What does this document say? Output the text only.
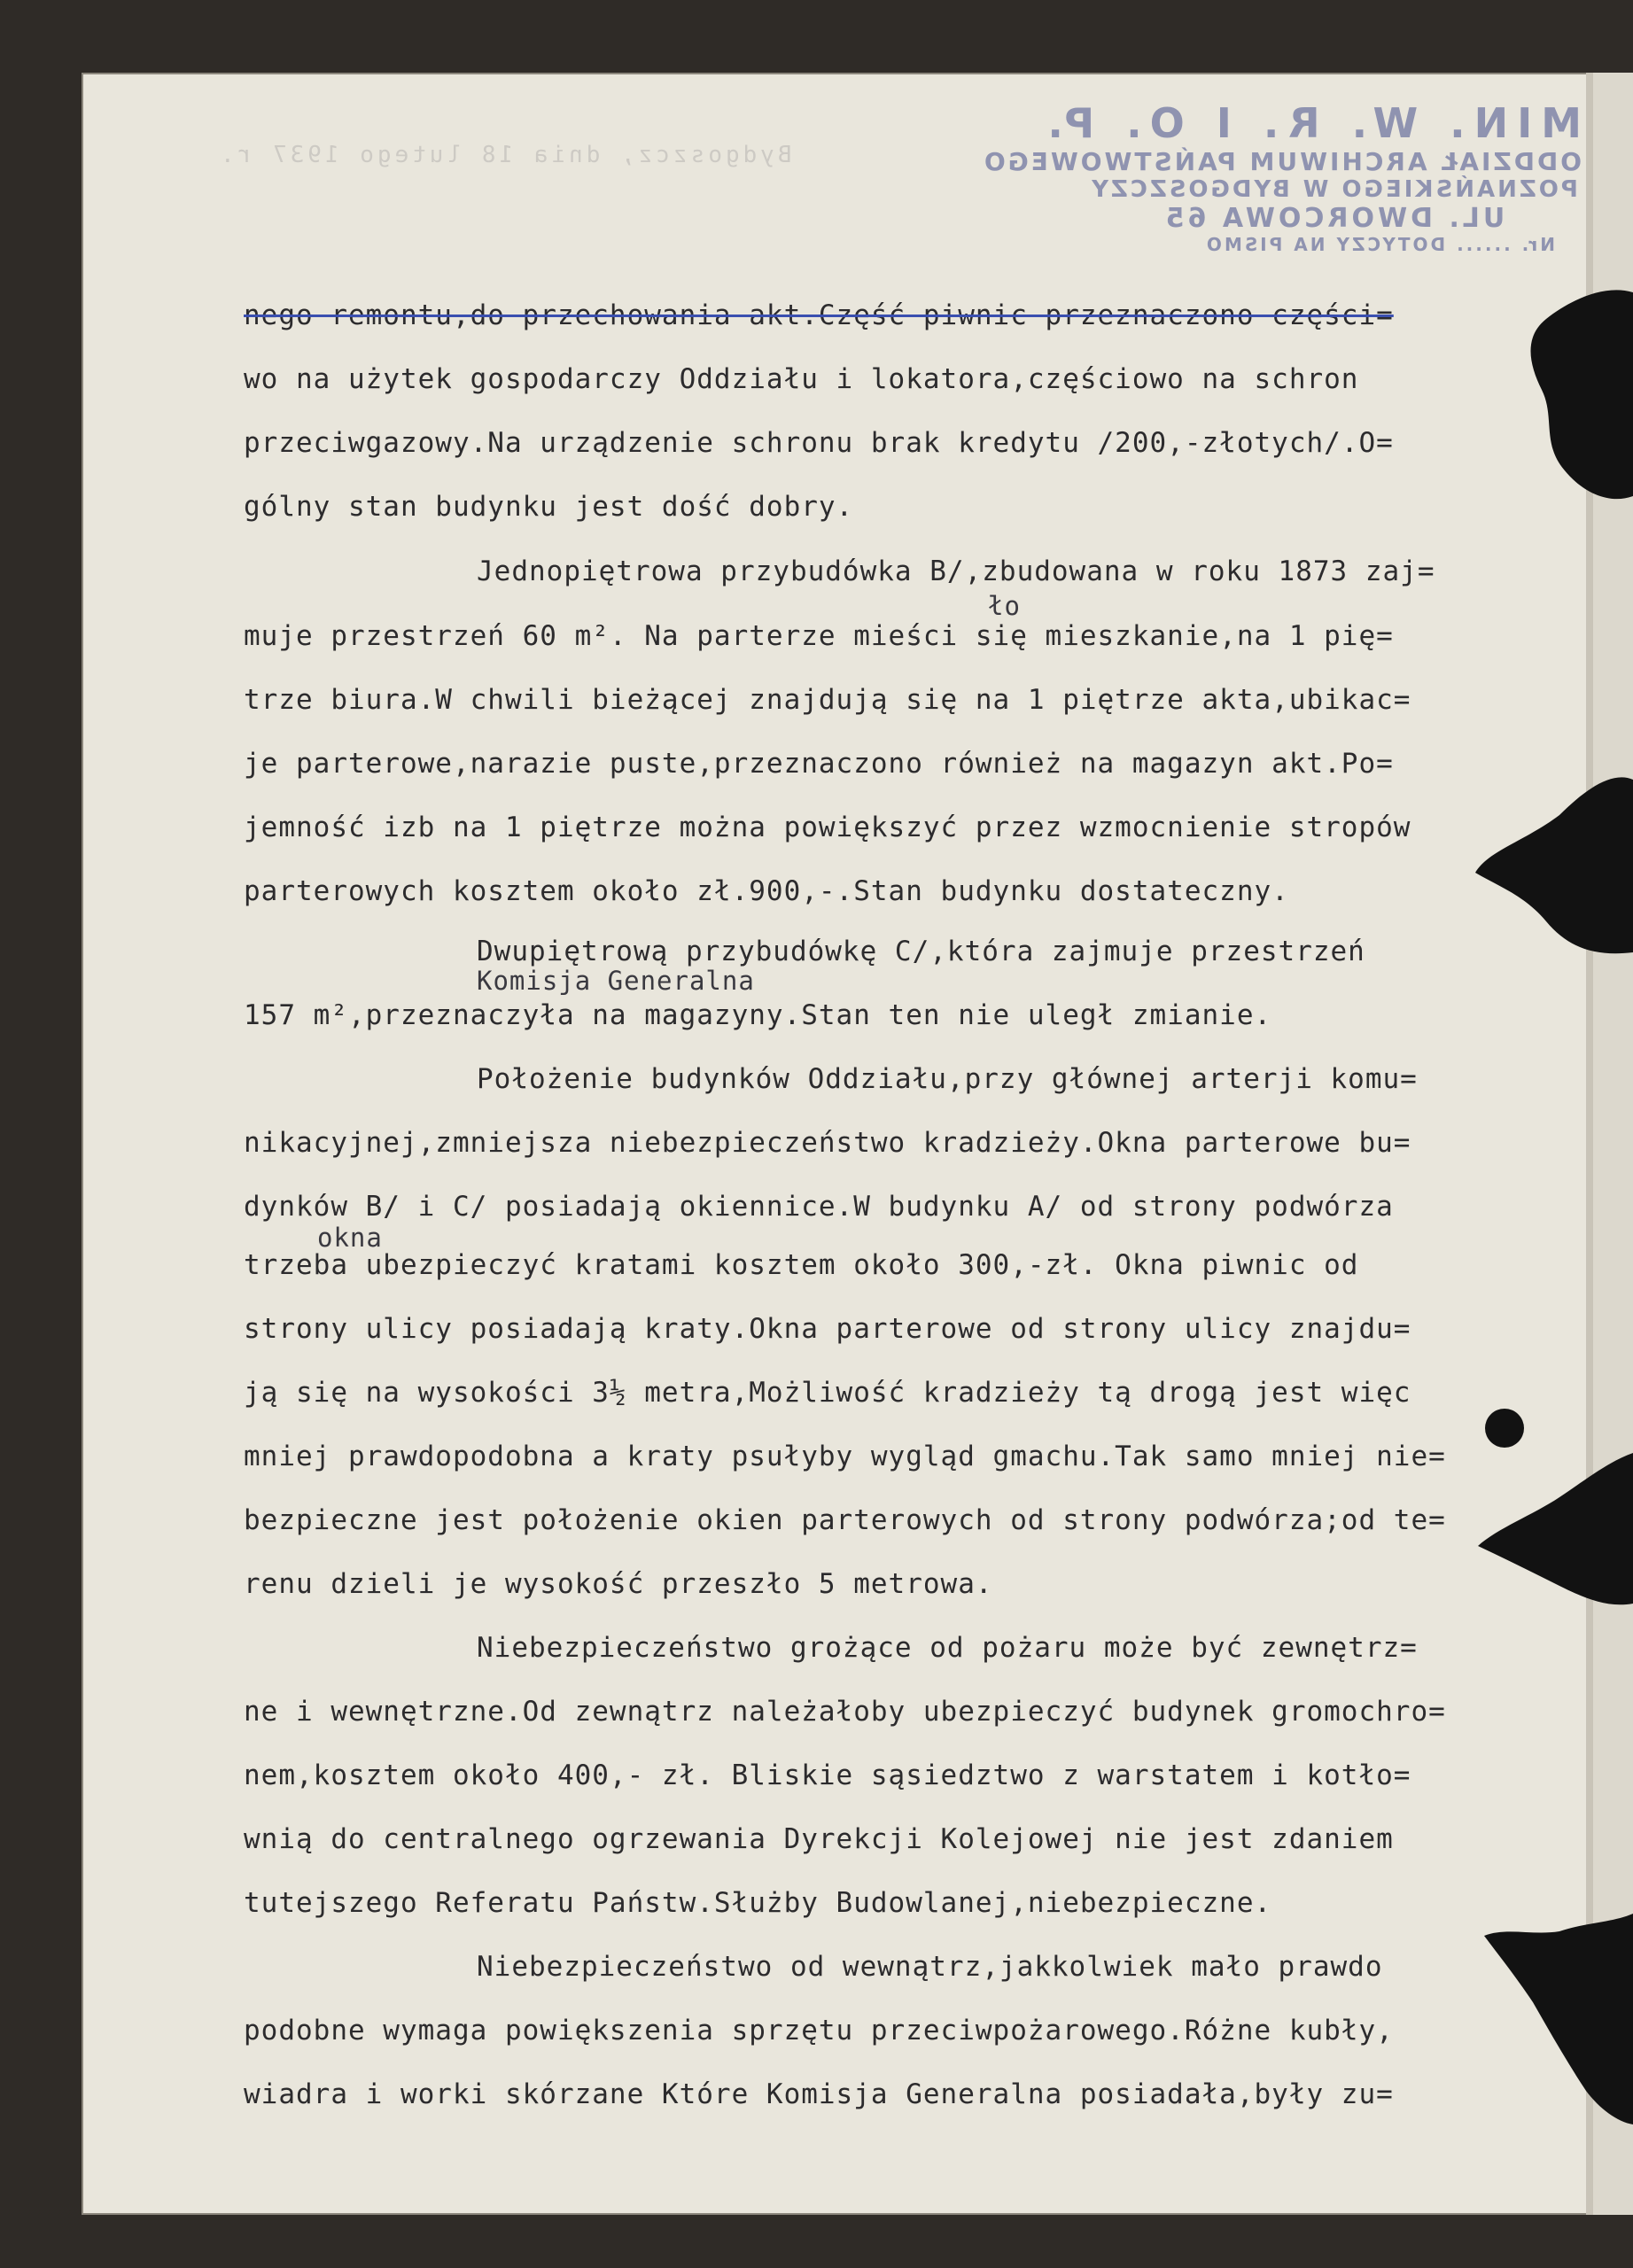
Bydgoszcz, dnia 18 lutego 1937 r.
MIN. W. R. I O. P.
ODDZIAŁ ARCHIWUM PAŃSTWOWEGO
POZNAŃSKIEGO W BYDGOSZCZY
UL. DWORCOWA 65
Nr. ...... DOTYCZY NA PISMO
nego remontu,do przechowania akt.Część piwnic przeznaczono części=
wo na użytek gospodarczy Oddziału i lokatora,częściowo na schron
przeciwgazowy.Na urządzenie schronu brak kredytu /200,-złotych/.O=
gólny stan budynku jest dość dobry.
Jednopiętrowa przybudówka B/,zbudowana w roku 1873 zaj=
ło
muje przestrzeń 60 m². Na parterze mieści się mieszkanie,na 1 pię=
trze biura.W chwili bieżącej znajdują się na 1 piętrze akta,ubikac=
je parterowe,narazie puste,przeznaczono również na magazyn akt.Po=
jemność izb na 1 piętrze można powiększyć przez wzmocnienie stropów
parterowych kosztem około zł.900,-.Stan budynku dostateczny.
Dwupiętrową przybudówkę C/,która zajmuje przestrzeń
Komisja Generalna
157 m²,przeznaczyła na magazyny.Stan ten nie uległ zmianie.
Położenie budynków Oddziału,przy głównej arterji komu=
nikacyjnej,zmniejsza niebezpieczeństwo kradzieży.Okna parterowe bu=
dynków B/ i C/ posiadają okiennice.W budynku A/ od strony podwórza
okna
trzeba ubezpieczyć kratami kosztem około 300,-zł. Okna piwnic od
strony ulicy posiadają kraty.Okna parterowe od strony ulicy znajdu=
ją się na wysokości 3½ metra,Możliwość kradzieży tą drogą jest więc
mniej prawdopodobna a kraty psułyby wygląd gmachu.Tak samo mniej nie=
bezpieczne jest położenie okien parterowych od strony podwórza;od te=
renu dzieli je wysokość przeszło 5 metrowa.
Niebezpieczeństwo grożące od pożaru może być zewnętrz=
ne i wewnętrzne.Od zewnątrz należałoby ubezpieczyć budynek gromochro=
nem,kosztem około 400,- zł. Bliskie sąsiedztwo z warstatem i kotło=
wnią do centralnego ogrzewania Dyrekcji Kolejowej nie jest zdaniem
tutejszego Referatu Państw.Służby Budowlanej,niebezpieczne.
Niebezpieczeństwo od wewnątrz,jakkolwiek mało prawdo
podobne wymaga powiększenia sprzętu przeciwpożarowego.Różne kubły,
wiadra i worki skórzane Które Komisja Generalna posiadała,były zu=
